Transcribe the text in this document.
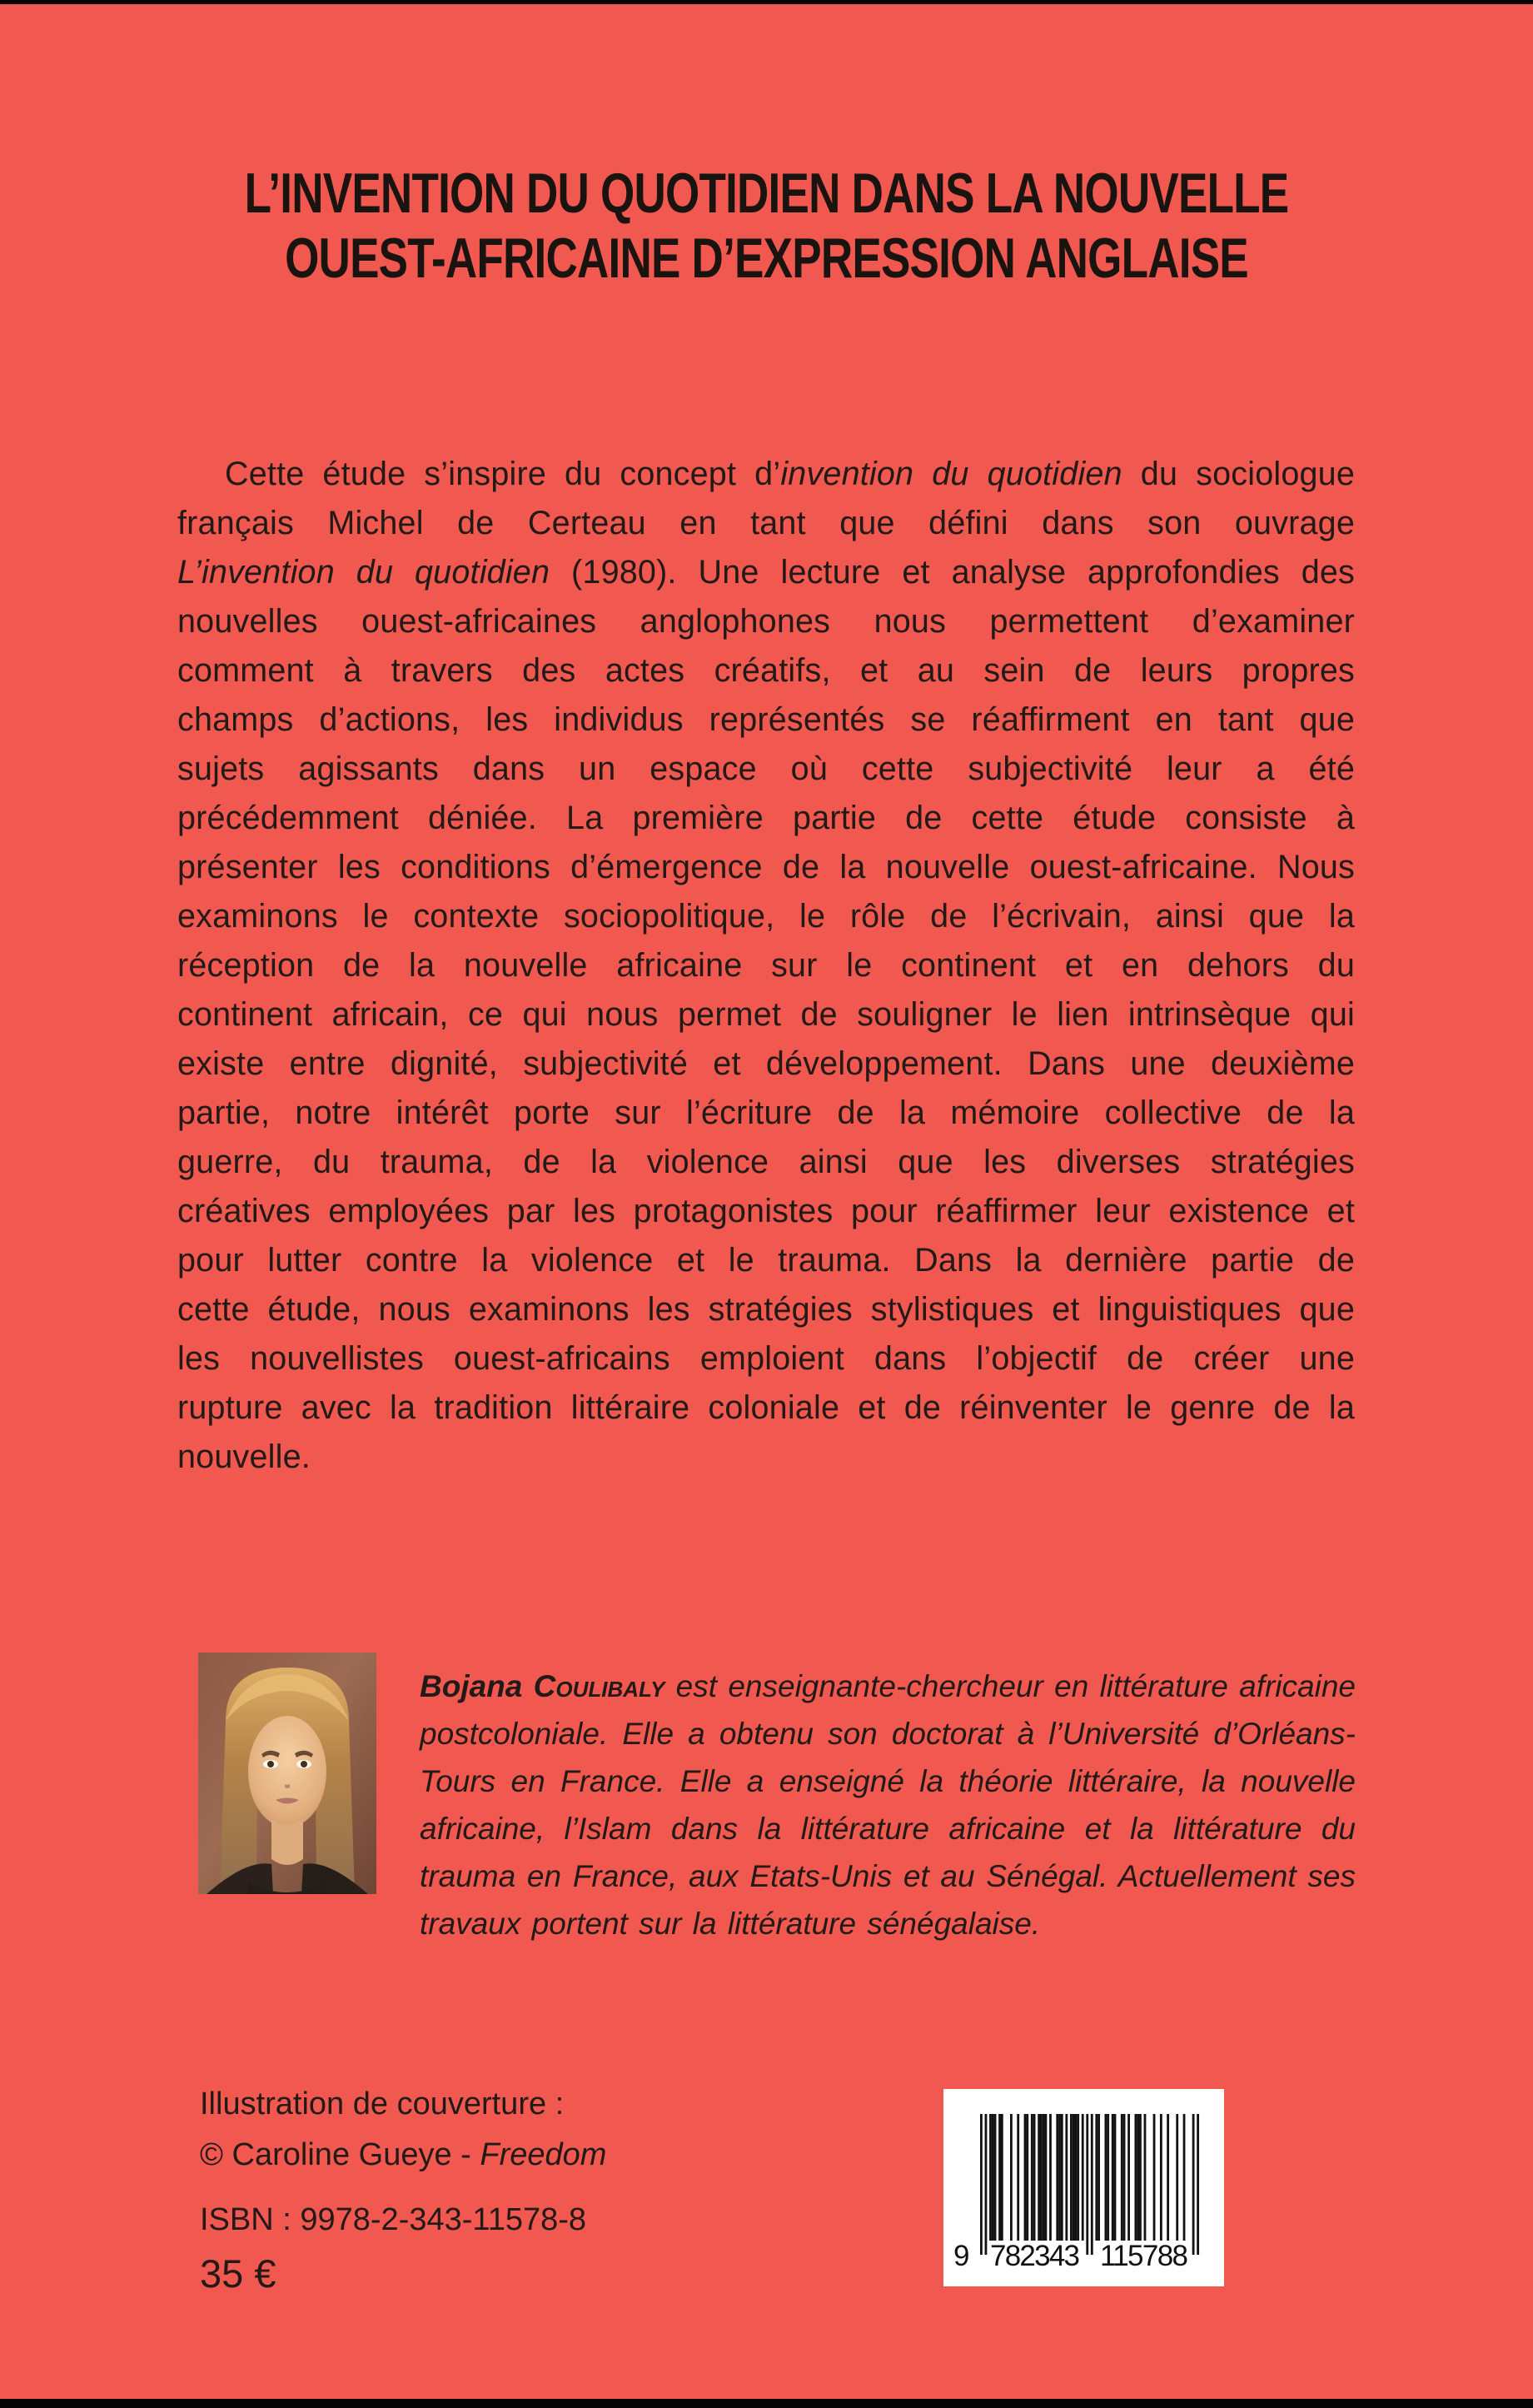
L’INVENTION DU QUOTIDIEN DANS LA NOUVELLE
OUEST-AFRICAINE D’EXPRESSION ANGLAISE

Cette étude s’inspire du concept d’invention du quotidien du sociologue français Michel de Certeau en tant que défini dans son ouvrage L’invention du quotidien (1980). Une lecture et analyse approfondies des nouvelles ouest-africaines anglophones nous permettent d’examiner comment à travers des actes créatifs, et au sein de leurs propres champs d’actions, les individus représentés se réaffirment en tant que sujets agissants dans un espace où cette subjectivité leur a été précédemment déniée. La première partie de cette étude consiste à présenter les conditions d’émergence de la nouvelle ouest-africaine. Nous examinons le contexte sociopolitique, le rôle de l’écrivain, ainsi que la réception de la nouvelle africaine sur le continent et en dehors du continent africain, ce qui nous permet de souligner le lien intrinsèque qui existe entre dignité, subjectivité et développement. Dans une deuxième partie, notre intérêt porte sur l’écriture de la mémoire collective de la guerre, du trauma, de la violence ainsi que les diverses stratégies créatives employées par les protagonistes pour réaffirmer leur existence et pour lutter contre la violence et le trauma. Dans la dernière partie de cette étude, nous examinons les stratégies stylistiques et linguistiques que les nouvellistes ouest-africains emploient dans l’objectif de créer une rupture avec la tradition littéraire coloniale et de réinventer le genre de la nouvelle.

Bojana Coulibaly est enseignante-chercheur en littérature africaine postcoloniale. Elle a obtenu son doctorat à l’Université d’Orléans-Tours en France. Elle a enseigné la théorie littéraire, la nouvelle africaine, l’Islam dans la littérature africaine et la littérature du trauma en France, aux Etats-Unis et au Sénégal. Actuellement ses travaux portent sur la littérature sénégalaise.

Illustration de couverture :
© Caroline Gueye - Freedom
ISBN : 9978-2-343-11578-8
35 €	9 782343 115788
